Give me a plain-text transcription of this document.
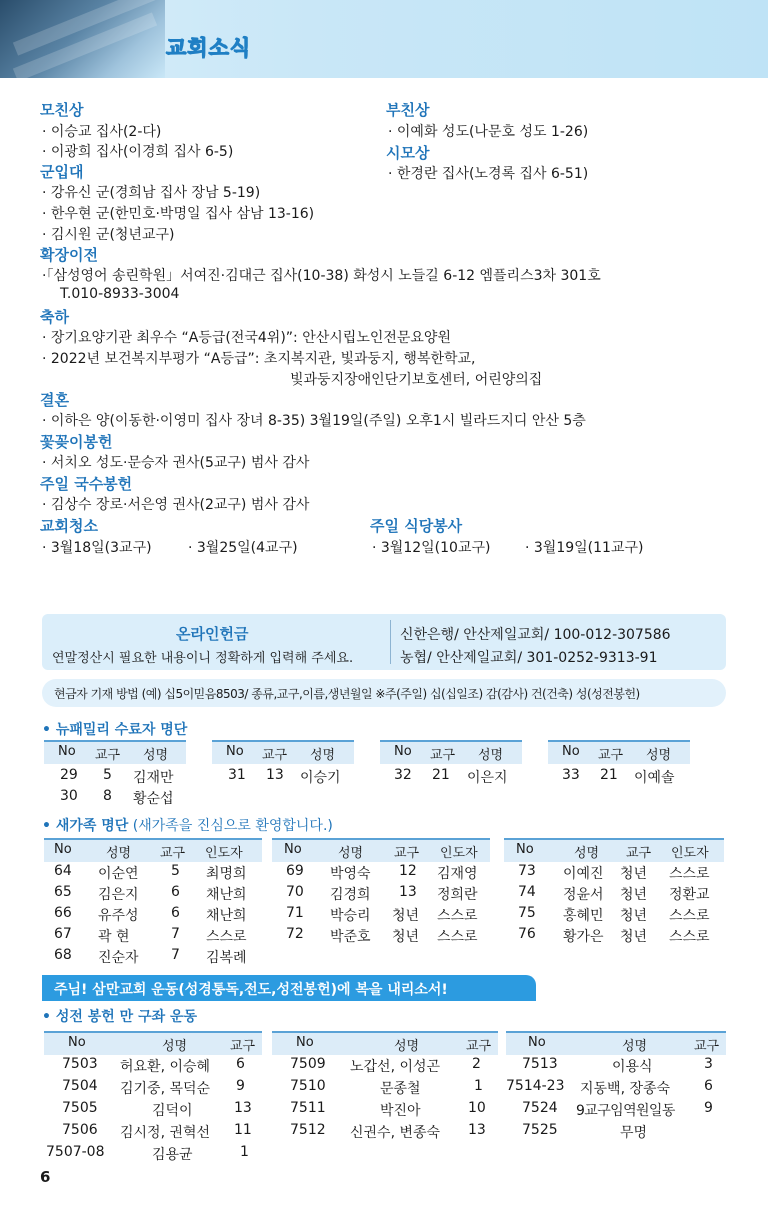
교회소식
모친상
· 이승교 집사(2-다)
· 이광희 집사(이경희 집사 6-5)
군입대
· 강유신 군(경희남 집사 장남 5-19)
· 한우현 군(한민호·박명일 집사 삼남 13-16)
· 김시원 군(청년교구)
확장이전
·「삼성영어 송린학원」서여진·김대근 집사(10-38) 화성시 노들길 6-12 엠플리스3차 301호
T.010-8933-3004
축하
· 장기요양기관 최우수 “A등급(전국4위)”: 안산시립노인전문요양원
· 2022년 보건복지부평가 “A등급”: 초지복지관, 빛과둥지, 행복한학교,
빛과둥지장애인단기보호센터, 어린양의집
결혼
· 이하은 양(이동한·이영미 집사 장녀 8-35) 3월19일(주일) 오후1시 빌라드지디 안산 5층
꽃꽂이봉헌
· 서치오 성도·문승자 권사(5교구) 범사 감사
주일 국수봉헌
· 김상수 장로·서은영 권사(2교구) 범사 감사
부친상
· 이예화 성도(나문호 성도 1-26)
시모상
· 한경란 집사(노경록 집사 6-51)
교회청소
· 3월18일(3교구)	· 3월25일(4교구)
주일 식당봉사
· 3월12일(10교구) · 3월19일(11교구)
온라인헌금
연말정산시 필요한 내용이니 정확하게 입력해 주세요.
신한은행/ 안산제일교회/ 100-012-307586
농협/ 안산제일교회/ 301-0252-9313-91
현금자 기재 방법 (예) 십5이믿음8503/ 종류,교구,이름,생년월일 ※주(주일) 십(십일조) 감(감사) 건(건축) 성(성전봉헌)
• 뉴패밀리 수료자 명단
No 교구 성명
29 5 김재만
30 8 황순섭
No 교구 성명
31 13 이승기
No 교구 성명
32 21 이은지
No 교구 성명
33 21 이예솔
• 새가족 명단 (새가족을 진심으로 환영합니다.)
No	성명 교구 인도자	No	성명 교구 인도자	No	성명 교구 인도자
64 이순연 5 최명희
65 김은지 6 채난희
66 유주성 6 채난희
67 곽 현	7 스스로
68 진순자 7 김복례
69 박영숙 12 김재영
70 김경희 13 정희란
71 박승리 청년 스스로
72 박준호 청년 스스로
73 이예진 청년 스스로
74 정윤서 청년 정환교
75 홍혜민 청년 스스로
76 황가은 청년 스스로
주님! 삼만교회 운동(성경통독,전도,성전봉헌)에 복을 내리소서!
• 성전 봉헌 만 구좌 운동
No	성명	교구	No	성명	교구	No	성명	교구
7503 허요환, 이승혜 6
7504 김기중, 목덕순 9
7505	김덕이	13
7506 김시정, 권혁선 11
7507-08	김용균	1
7509 노갑선, 이성곤 2
7510	문종철	1
7511	박진아	10
7512 신권수, 변종숙 13
7513	이용식	3
7514-23 지동백, 장종숙 6
7524 9교구임역원일동 9
7525	무명
6
